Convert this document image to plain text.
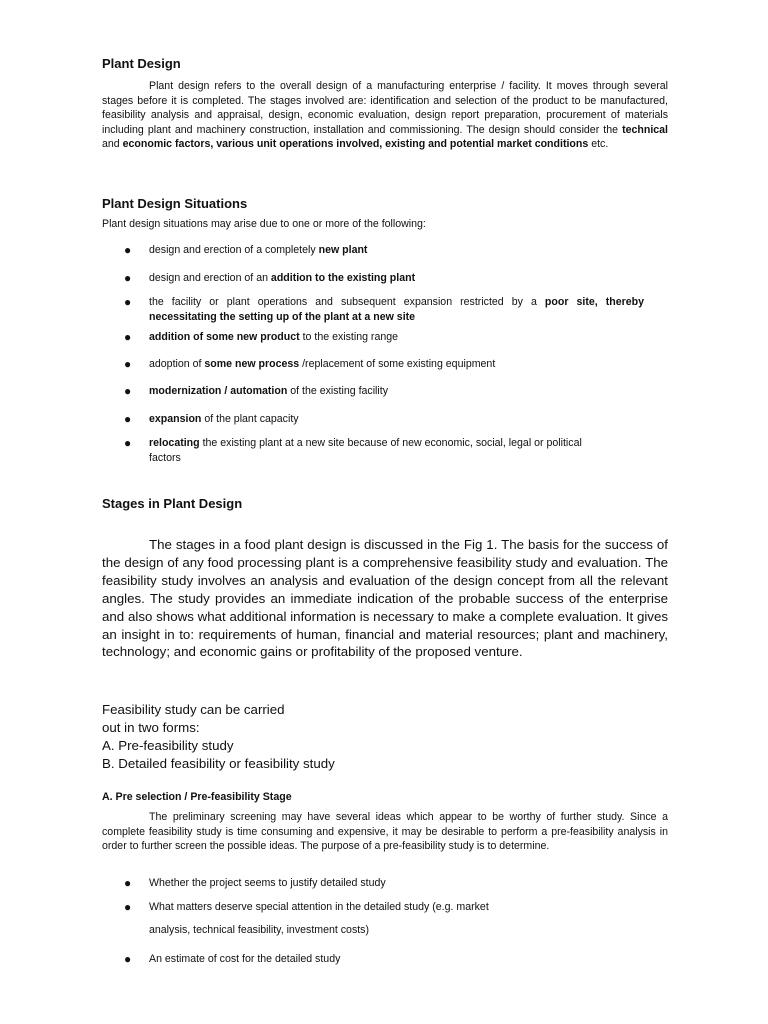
Plant Design
Plant design refers to the overall design of a manufacturing enterprise / facility. It moves through several stages before it is completed. The stages involved are: identification and selection of the product to be manufactured, feasibility analysis and appraisal, design, economic evaluation, design report preparation, procurement of materials including plant and machinery construction, installation and commissioning. The design should consider the technical and economic factors, various unit operations involved, existing and potential market conditions etc.
Plant Design Situations
Plant design situations may arise due to one or more of the following:
● design and erection of a completely new plant
● design and erection of an addition to the existing plant
● the facility or plant operations and subsequent expansion restricted by a poor site, thereby necessitating the setting up of the plant at a new site
● addition of some new product to the existing range
● adoption of some new process /replacement of some existing equipment
● modernization / automation of the existing facility
● expansion of the plant capacity
● relocating the existing plant at a new site because of new economic, social, legal or political factors
Stages in Plant Design
The stages in a food plant design is discussed in the Fig 1. The basis for the success of the design of any food processing plant is a comprehensive feasibility study and evaluation. The feasibility study involves an analysis and evaluation of the design concept from all the relevant angles. The study provides an immediate indication of the probable success of the enterprise and also shows what additional information is necessary to make a complete evaluation. It gives an insight in to: requirements of human, financial and material resources; plant and machinery, technology; and economic gains or profitability of the proposed venture.
Feasibility study can be carried
out in two forms:
A. Pre-feasibility study
B. Detailed feasibility or feasibility study
A. Pre selection / Pre-feasibility Stage
The preliminary screening may have several ideas which appear to be worthy of further study. Since a complete feasibility study is time consuming and expensive, it may be desirable to perform a pre-feasibility analysis in order to further screen the possible ideas. The purpose of a pre-feasibility study is to determine.
● Whether the project seems to justify detailed study
● What matters deserve special attention in the detailed study (e.g. market
analysis, technical feasibility, investment costs)
● An estimate of cost for the detailed study
